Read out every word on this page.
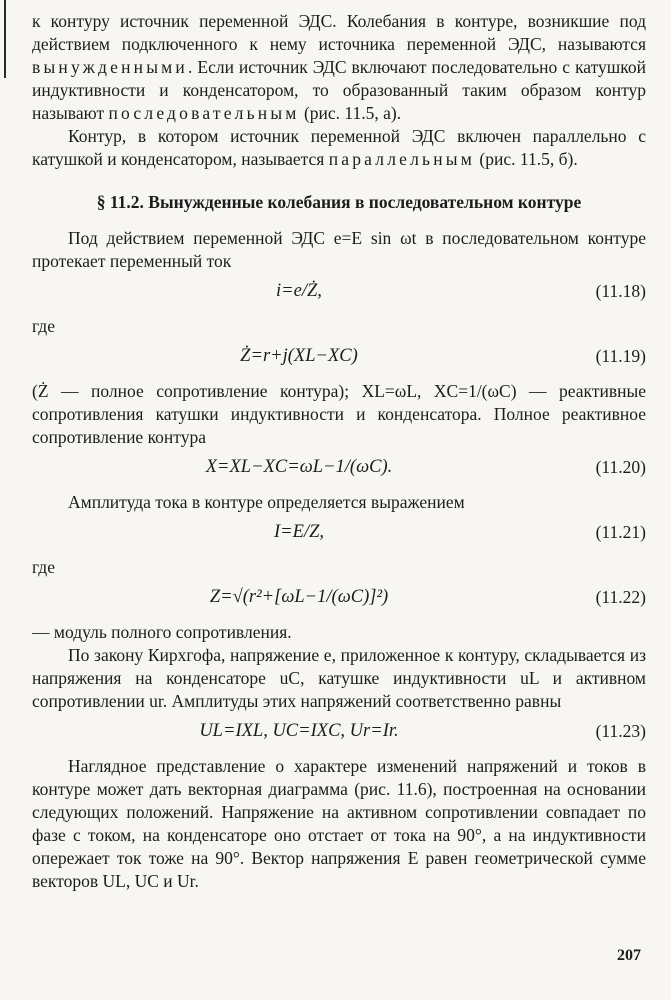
к контуру источник переменной ЭДС. Колебания в контуре, возникшие под действием подключенного к нему источника переменной ЭДС, называются вынужденными. Если источник ЭДС включают последовательно с катушкой индуктивности и конденсатором, то образованный таким образом контур называют последовательным (рис. 11.5, а).

Контур, в котором источник переменной ЭДС включен параллельно с катушкой и конденсатором, называется параллельным (рис. 11.5, б).

§ 11.2. Вынужденные колебания в последовательном контуре

Под действием переменной ЭДС e=E sin ωt в последовательном контуре протекает переменный ток

i=e/Ż,	(11.18)

где

Ż=r+j(XL−XC)	(11.19)

(Ż — полное сопротивление контура); XL=ωL, XC=1/(ωC) — реактивные сопротивления катушки индуктивности и конденсатора. Полное реактивное сопротивление контура

X=XL−XC=ωL−1/(ωC).	(11.20)

Амплитуда тока в контуре определяется выражением

I=E/Z,	(11.21)

где

Z=√(r²+[ωL−1/(ωC)]²)	(11.22)

— модуль полного сопротивления.

По закону Кирхгофа, напряжение e, приложенное к контуру, складывается из напряжения на конденсаторе uC, катушке индуктивности uL и активном сопротивлении ur. Амплитуды этих напряжений соответственно равны

UL=IXL, UC=IXC, Ur=Ir.	(11.23)

Наглядное представление о характере изменений напряжений и токов в контуре может дать векторная диаграмма (рис. 11.6), построенная на основании следующих положений. Напряжение на активном сопротивлении совпадает по фазе с током, на конденсаторе оно отстает от тока на 90°, а на индуктивности опережает ток тоже на 90°. Вектор напряжения E равен геометрической сумме векторов UL, UC и Ur.

207
